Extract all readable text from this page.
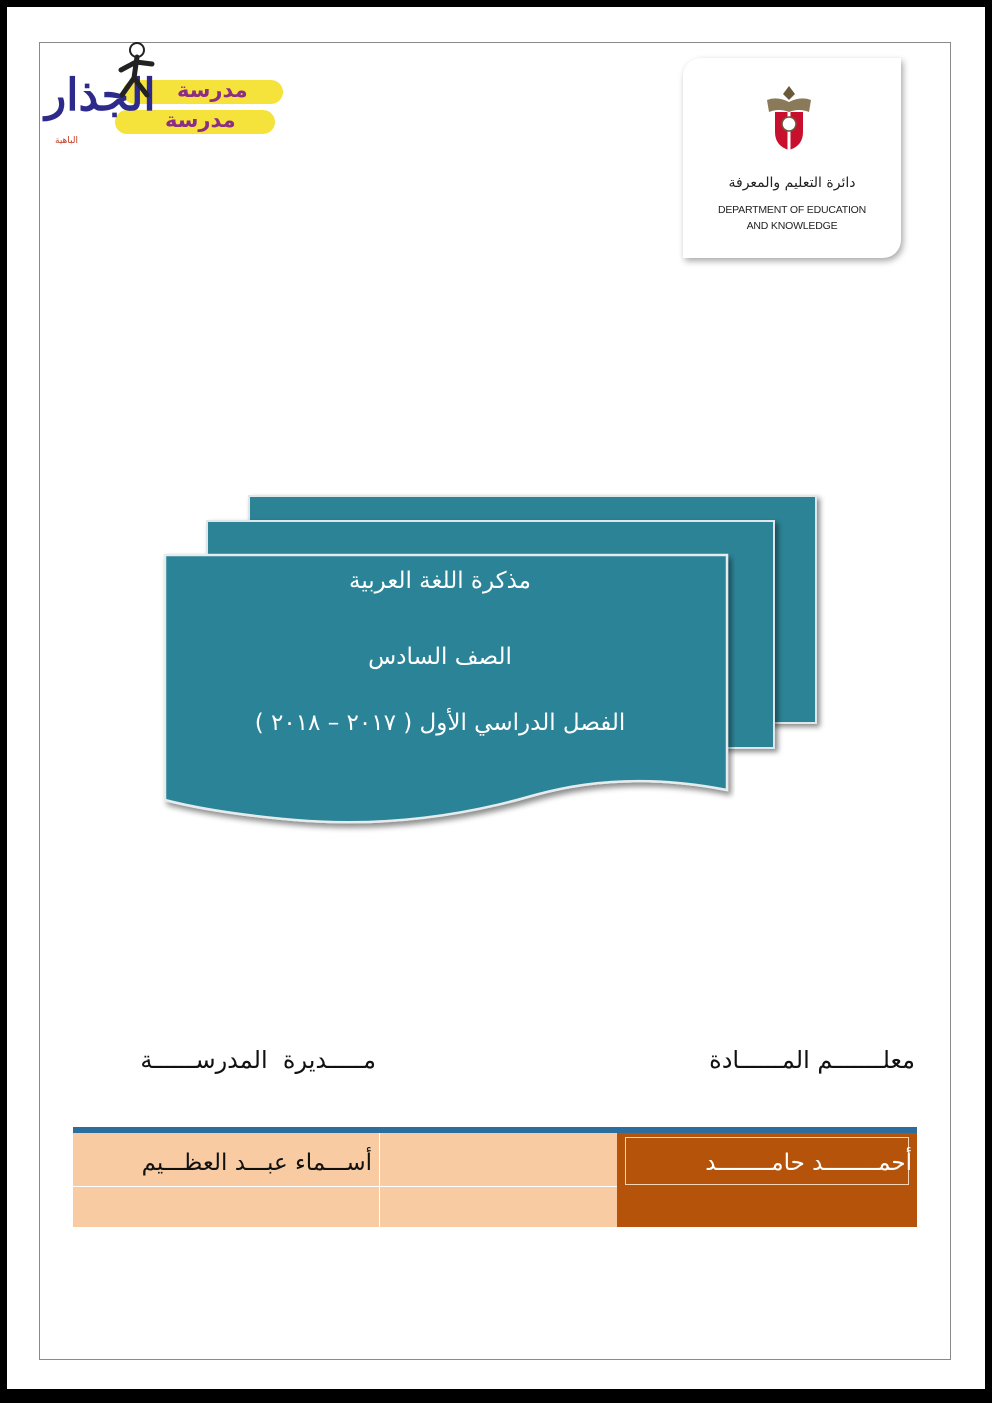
مدرسة
مدرسة
الجذار
الباهية
دائرة التعليم والمعرفة
DEPARTMENT OF EDUCATION
AND KNOWLEDGE
مذكرة اللغة العربية
الصف السادس
الفصل الدراسي الأول ( ٢٠١٧ – ٢٠١٨ )
معلـــــــم المــــــادة
مـــــديرة  المدرســــــة
أســـماء عبـــد العظـــيم	أحمــــــــد حامــــــــد
